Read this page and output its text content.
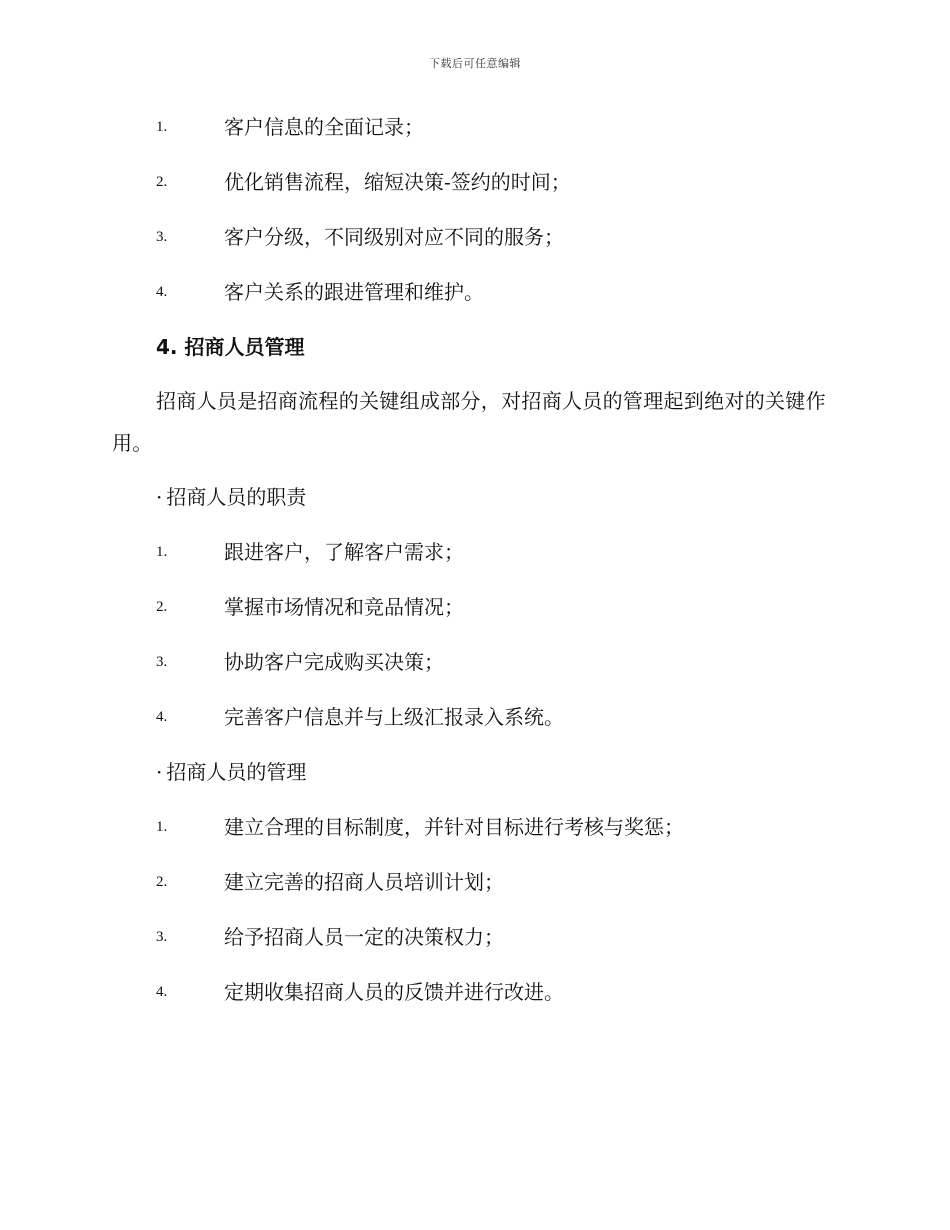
下载后可任意编辑
1.	客户信息的全面记录；
2.	优化销售流程，缩短决策-签约的时间；
3.	客户分级，不同级别对应不同的服务；
4.	客户关系的跟进管理和维护。
4. 招商人员管理
招商人员是招商流程的关键组成部分，对招商人员的管理起到绝对的关键作用。
· 招商人员的职责
1.	跟进客户，了解客户需求；
2.	掌握市场情况和竞品情况；
3.	协助客户完成购买决策；
4.	完善客户信息并与上级汇报录入系统。
· 招商人员的管理
1.	建立合理的目标制度，并针对目标进行考核与奖惩；
2.	建立完善的招商人员培训计划；
3.	给予招商人员一定的决策权力；
4.	定期收集招商人员的反馈并进行改进。
